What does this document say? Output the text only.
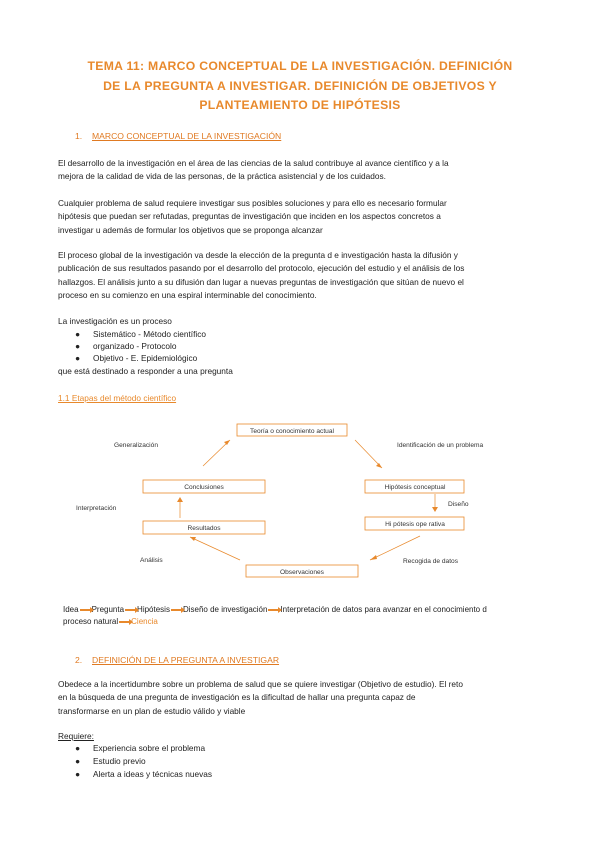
TEMA 11: MARCO CONCEPTUAL DE LA INVESTIGACIÓN. DEFINICIÓN
DE LA PREGUNTA A INVESTIGAR. DEFINICIÓN DE OBJETIVOS Y
PLANTEAMIENTO DE HIPÓTESIS
1. MARCO CONCEPTUAL DE LA INVESTIGACIÓN
El desarrollo de la investigación en el área de las ciencias de la salud contribuye al avance científico y a la
mejora de la calidad de vida de las personas, de la práctica asistencial y de los cuidados.
Cualquier problema de salud requiere investigar sus posibles soluciones y para ello es necesario formular
hipótesis que puedan ser refutadas, preguntas de investigación que inciden en los aspectos concretos a
investigar u además de formular los objetivos que se proponga alcanzar
El proceso global de la investigación va desde la elección de la pregunta d e investigación hasta la difusión y
publicación de sus resultados pasando por el desarrollo del protocolo, ejecución del estudio y el análisis de los
hallazgos. El análisis junto a su difusión dan lugar a nuevas preguntas de investigación que sitúan de nuevo el
proceso en su comienzo en una espiral interminable del conocimiento.
La investigación es un proceso
● Sistemático - Método científico
● organizado - Protocolo
● Objetivo - E. Epidemiológico
que está destinado a responder a una pregunta
1.1 Etapas del método científico
Teoría o conocimiento actual
Conclusiones
Resultados
Hipótesis conceptual
Hi pótesis ope rativa
Observaciones
Generalización	Identificación de un problema
Interpretación
Diseño
Análisis	Recogida de datos
Idea Pregunta Hipótesis Diseño de investigación Interpretación de datos para avanzar en el conocimiento d
proceso natural Ciencia
2. DEFINICIÓN DE LA PREGUNTA A INVESTIGAR
Obedece a la incertidumbre sobre un problema de salud que se quiere investigar (Objetivo de estudio). El reto
en la búsqueda de una pregunta de investigación es la dificultad de hallar una pregunta capaz de
transformarse en un plan de estudio válido y viable
Requiere:
● Experiencia sobre el problema
● Estudio previo
● Alerta a ideas y técnicas nuevas
